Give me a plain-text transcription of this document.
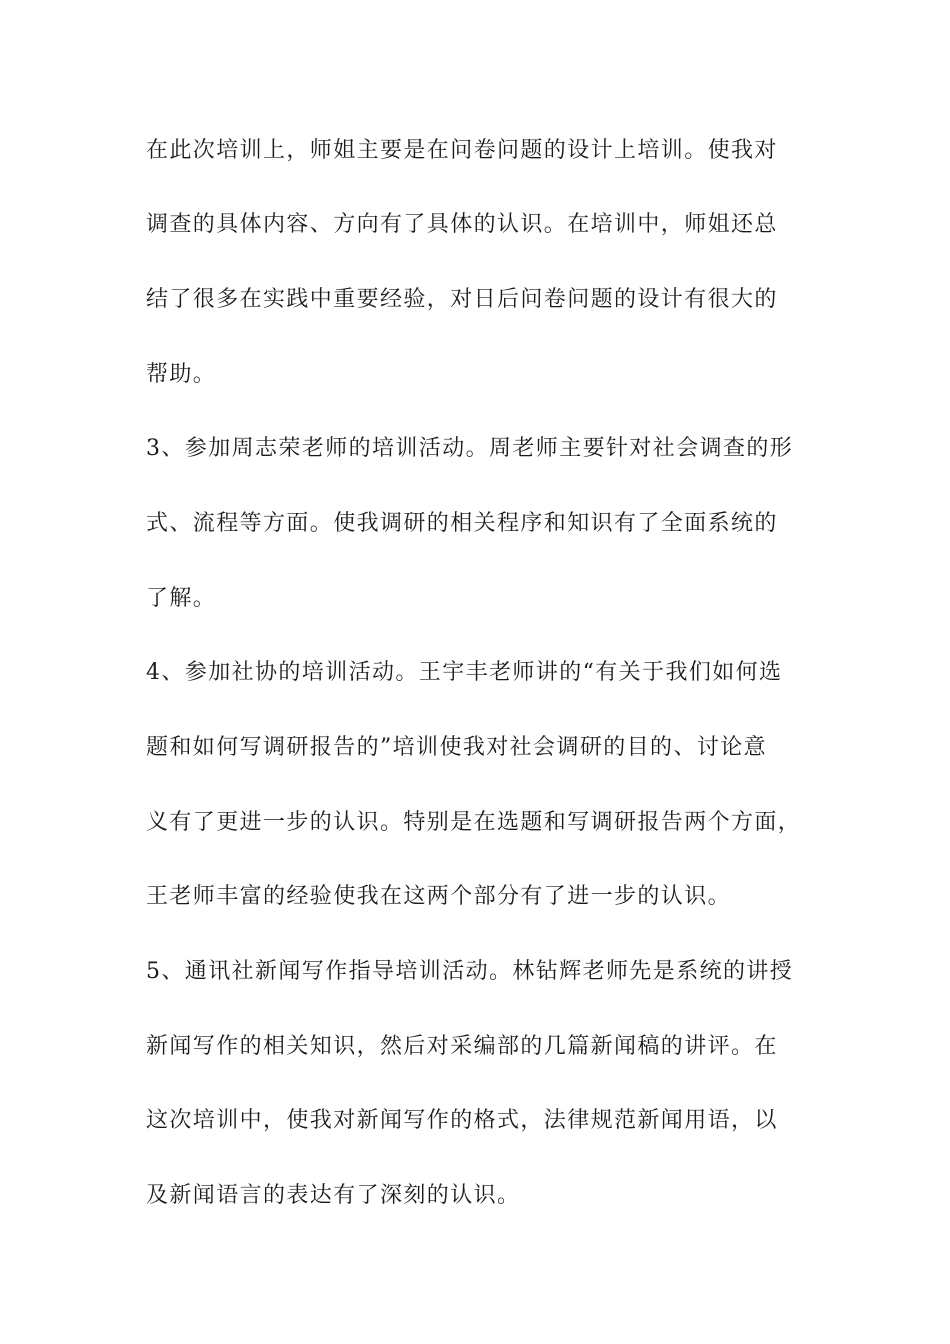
在此次培训上，师姐主要是在问卷问题的设计上培训。使我对
调查的具体内容、方向有了具体的认识。在培训中，师姐还总
结了很多在实践中重要经验，对日后问卷问题的设计有很大的
帮助。
3、参加周志荣老师的培训活动。周老师主要针对社会调查的形
式、流程等方面。使我调研的相关程序和知识有了全面系统的
了解。
4、参加社协的培训活动。王宇丰老师讲的“有关于我们如何选
题和如何写调研报告的”培训使我对社会调研的目的、讨论意
义有了更进一步的认识。特别是在选题和写调研报告两个方面，
王老师丰富的经验使我在这两个部分有了进一步的认识。
5、通讯社新闻写作指导培训活动。林钻辉老师先是系统的讲授
新闻写作的相关知识，然后对采编部的几篇新闻稿的讲评。在
这次培训中，使我对新闻写作的格式，法律规范新闻用语，以
及新闻语言的表达有了深刻的认识。
